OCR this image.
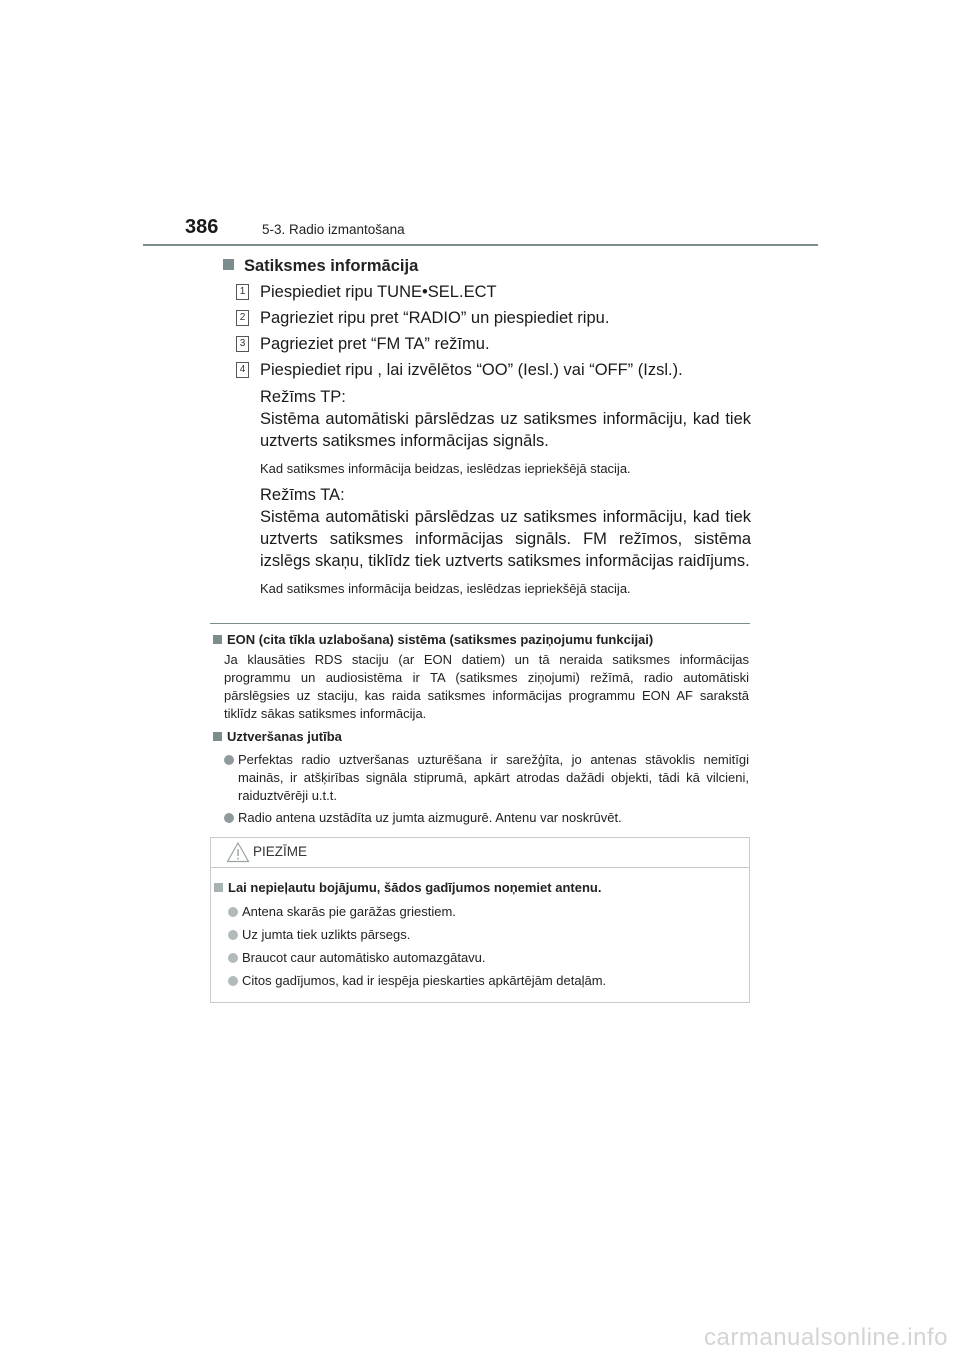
386	5-3. Radio izmantošana
Satiksmes informācija
1 Piespiediet ripu TUNE•SEL.ECT
2 Pagrieziet ripu pret “RADIO” un piespiediet ripu.
3 Pagrieziet pret “FM TA” režīmu.
4 Piespiediet ripu , lai izvēlētos “OO” (Iesl.) vai “OFF” (Izsl.).
Režīms TP:
Sistēma automātiski pārslēdzas uz satiksmes informāciju, kad tiek uztverts satiksmes informācijas signāls.
Kad satiksmes informācija beidzas, ieslēdzas iepriekšējā stacija.
Režīms TA:
Sistēma automātiski pārslēdzas uz satiksmes informāciju, kad tiek uztverts satiksmes informācijas signāls. FM režīmos, sistēma izslēgs skaņu, tiklīdz tiek uztverts satiksmes informācijas raidījums.
Kad satiksmes informācija beidzas, ieslēdzas iepriekšējā stacija.
EON (cita tīkla uzlabošana) sistēma (satiksmes paziņojumu funkcijai)
Ja klausāties RDS staciju (ar EON datiem) un tā neraida satiksmes informācijas programmu un audiosistēma ir TA (satiksmes ziņojumi) režīmā, radio automātiski pārslēgsies uz staciju, kas raida satiksmes informācijas programmu EON AF sarakstā tiklīdz sākas satiksmes informācija.
Uztveršanas jutība
Perfektas radio uztveršanas uzturēšana ir sarežģīta, jo antenas stāvoklis nemitīgi mainās, ir atšķirības signāla stiprumā, apkārt atrodas dažādi objekti, tādi kā vilcieni, raiduztvērēji u.t.t.
Radio antena uzstādīta uz jumta aizmugurē. Antenu var noskrūvēt.
PIEZĪME
Lai nepieļautu bojājumu, šādos gadījumos noņemiet antenu.
Antena skarās pie garāžas griestiem.
Uz jumta tiek uzlikts pārsegs.
Braucot caur automātisko automazgātavu.
Citos gadījumos, kad ir iespēja pieskarties apkārtējām detaļām.
carmanualsonline.info
